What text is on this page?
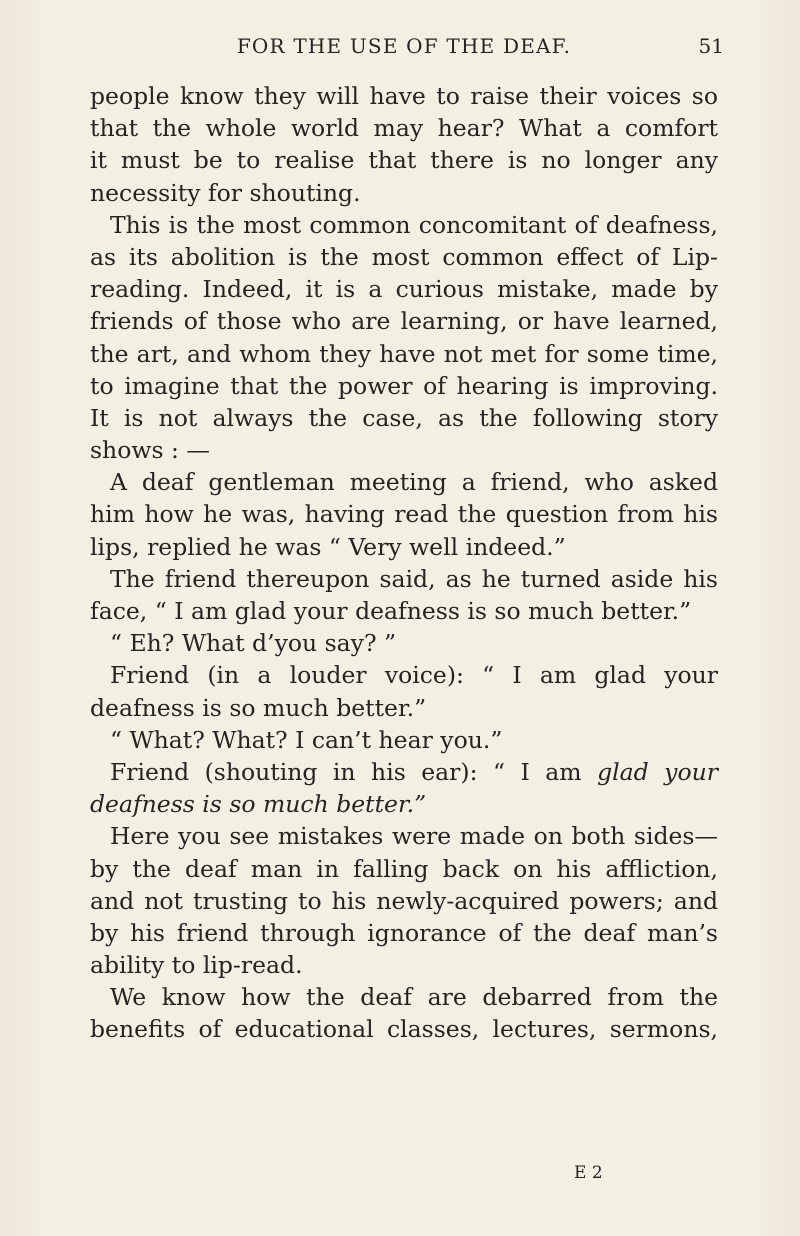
FOR THE USE OF THE DEAF.	51
people know they will have to raise their voices so
that the whole world may hear? What a comfort
it must be to realise that there is no longer any
necessity for shouting.
This is the most common concomitant of deafness,
as its abolition is the most common effect of Lip-
reading. Indeed, it is a curious mistake, made by
friends of those who are learning, or have learned,
the art, and whom they have not met for some time,
to imagine that the power of hearing is improving.
It is not always the case, as the following story
shows : —
A deaf gentleman meeting a friend, who asked
him how he was, having read the question from his
lips, replied he was “ Very well indeed.”
The friend thereupon said, as he turned aside his
face, “ I am glad your deafness is so much better.”
“ Eh? What d’you say? ”
Friend (in a louder voice): “ I am glad your
deafness is so much better.”
“ What? What? I can’t hear you.”
Friend (shouting in his ear): “ I am glad your
deafness is so much better.”
Here you see mistakes were made on both sides—
by the deaf man in falling back on his affliction,
and not trusting to his newly-acquired powers; and
by his friend through ignorance of the deaf man’s
ability to lip-read.
We know how the deaf are debarred from the
benefits of educational classes, lectures, sermons,
E 2
